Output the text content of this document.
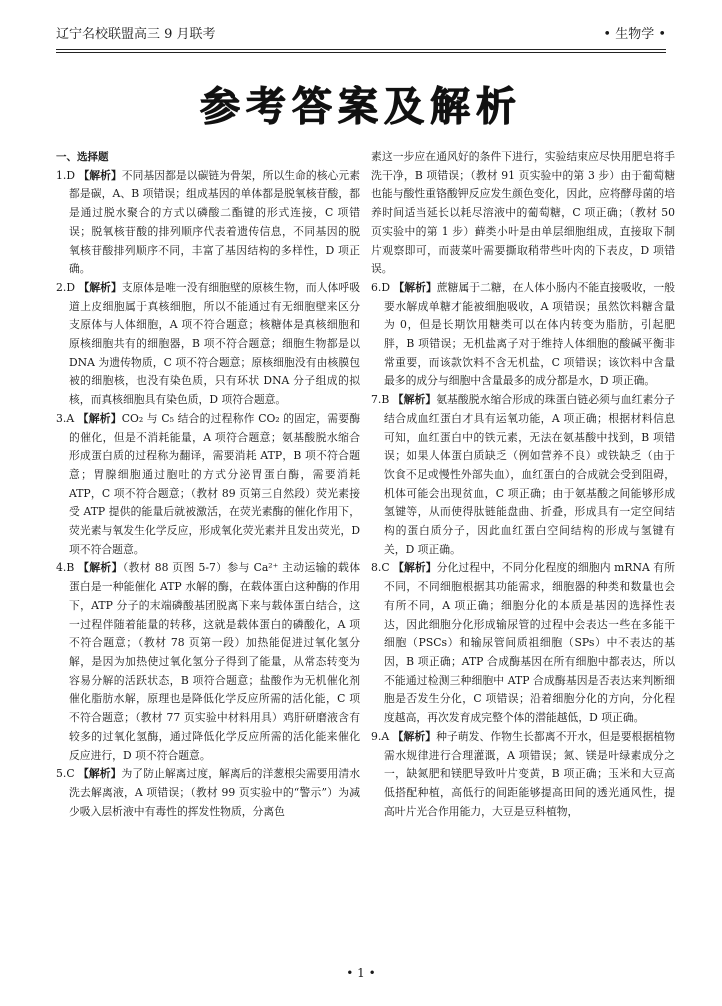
辽宁名校联盟高三 9 月联考	• 生物学 •
参考答案及解析
一、选择题

1.D 【解析】不同基因都是以碳链为骨架，所以生命的核心元素都是碳，A、B 项错误；组成基因的单体都是脱氧核苷酸，都是通过脱水聚合的方式以磷酸二酯键的形式连接，C 项错误；脱氧核苷酸的排列顺序代表着遗传信息，不同基因的脱氧核苷酸排列顺序不同，丰富了基因结构的多样性，D 项正确。

2.D 【解析】支原体是唯一没有细胞壁的原核生物，而人体呼吸道上皮细胞属于真核细胞，所以不能通过有无细胞壁来区分支原体与人体细胞，A 项不符合题意；核糖体是真核细胞和原核细胞共有的细胞器，B 项不符合题意；细胞生物都是以 DNA 为遗传物质，C 项不符合题意；原核细胞没有由核膜包被的细胞核，也没有染色质，只有环状 DNA 分子组成的拟核，而真核细胞具有染色质，D 项符合题意。

3.A 【解析】CO₂ 与 C₅ 结合的过程称作 CO₂ 的固定，需要酶的催化，但是不消耗能量，A 项符合题意；氨基酸脱水缩合形成蛋白质的过程称为翻译，需要消耗 ATP，B 项不符合题意；胃腺细胞通过胞吐的方式分泌胃蛋白酶，需要消耗 ATP，C 项不符合题意；（教材 89 页第三自然段）荧光素接受 ATP 提供的能量后就被激活，在荧光素酶的催化作用下，荧光素与氧发生化学反应，形成氧化荧光素并且发出荧光，D 项不符合题意。

4.B 【解析】（教材 88 页图 5-7）参与 Ca²⁺ 主动运输的载体蛋白是一种能催化 ATP 水解的酶，在载体蛋白这种酶的作用下，ATP 分子的末端磷酸基团脱离下来与载体蛋白结合，这一过程伴随着能量的转移，这就是载体蛋白的磷酸化，A 项不符合题意；（教材 78 页第一段）加热能促进过氧化氢分解，是因为加热使过氧化氢分子得到了能量，从常态转变为容易分解的活跃状态，B 项符合题意；盐酸作为无机催化剂催化脂肪水解，原理也是降低化学反应所需的活化能，C 项不符合题意；（教材 77 页实验中材料用具）鸡肝研磨液含有较多的过氧化氢酶，通过降低化学反应所需的活化能来催化反应进行，D 项不符合题意。

5.C 【解析】为了防止解离过度，解离后的洋葱根尖需要用清水洗去解离液，A 项错误；（教材 99 页实验中的“警示”）为减少吸入层析液中有毒性的挥发性物质，分离色

素这一步应在通风好的条件下进行，实验结束应尽快用肥皂将手洗干净，B 项错误；（教材 91 页实验中的第 3 步）由于葡萄糖也能与酸性重铬酸钾反应发生颜色变化，因此，应将酵母菌的培养时间适当延长以耗尽溶液中的葡萄糖，C 项正确；（教材 50 页实验中的第 1 步）藓类小叶是由单层细胞组成，直接取下制片观察即可，而菠菜叶需要撕取稍带些叶肉的下表皮，D 项错误。

6.D 【解析】蔗糖属于二糖，在人体小肠内不能直接吸收，一般要水解成单糖才能被细胞吸收，A 项错误；虽然饮料糖含量为 0，但是长期饮用糖类可以在体内转变为脂肪，引起肥胖，B 项错误；无机盐离子对于维持人体细胞的酸碱平衡非常重要，而该款饮料不含无机盐，C 项错误；该饮料中含量最多的成分与细胞中含量最多的成分都是水，D 项正确。

7.B 【解析】氨基酸脱水缩合形成的珠蛋白链必须与血红素分子结合成血红蛋白才具有运氧功能，A 项正确；根据材料信息可知，血红蛋白中的铁元素，无法在氨基酸中找到，B 项错误；如果人体蛋白质缺乏（例如营养不良）或铁缺乏（由于饮食不足或慢性外部失血），血红蛋白的合成就会受到阻碍，机体可能会出现贫血，C 项正确；由于氨基酸之间能够形成氢键等，从而使得肽链能盘曲、折叠，形成具有一定空间结构的蛋白质分子，因此血红蛋白空间结构的形成与氢键有关，D 项正确。

8.C 【解析】分化过程中，不同分化程度的细胞内 mRNA 有所不同，不同细胞根据其功能需求，细胞器的种类和数量也会有所不同，A 项正确；细胞分化的本质是基因的选择性表达，因此细胞分化形成输尿管的过程中会表达一些在多能干细胞（PSCs）和输尿管间质祖细胞（SPs）中不表达的基因，B 项正确；ATP 合成酶基因在所有细胞中都表达，所以不能通过检测三种细胞中 ATP 合成酶基因是否表达来判断细胞是否发生分化，C 项错误；沿着细胞分化的方向，分化程度越高，再次发育成完整个体的潜能越低，D 项正确。

9.A 【解析】种子萌发、作物生长都离不开水，但是要根据植物需水规律进行合理灌溉，A 项错误；氮、镁是叶绿素成分之一，缺氮肥和镁肥导致叶片变黄，B 项正确；玉米和大豆高低搭配种植，高低行的间距能够提高田间的透光通风性，提高叶片光合作用能力，大豆是豆科植物，

• 1 •
